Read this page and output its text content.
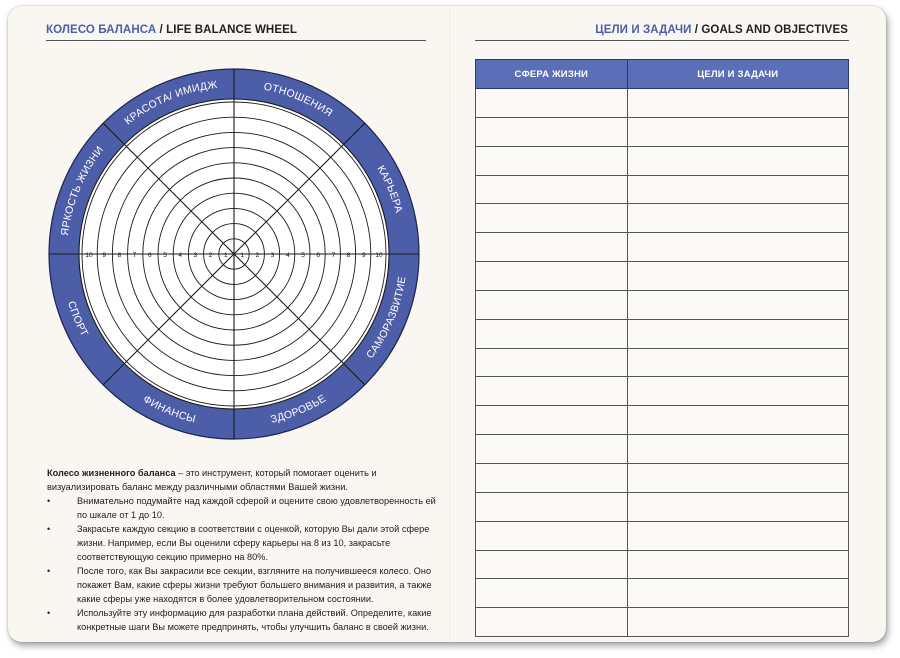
КОЛЕСО БАЛАНСА / LIFE BALANCE WHEEL	ЦЕЛИ И ЗАДАЧИ / GOALS AND OBJECTIVES
1
1	2
2	3
3	4
4	5
5	6
6	7
7	8
8	9
9	10
10
ОТНОШЕНИЯ
КАРЬЕРА
САМОРАЗВИТИЕ
ЗДОРОВЬЕ
ФИНАНСЫ
СПОРТ
ЯРКОСТЬ ЖИЗНИ
КРАСОТА/ ИМИДЖ

Колесо жизненного баланса – это инструмент, который помогает оценить и визуализировать баланс между различными областями Вашей жизни.

• Внимательно подумайте над каждой сферой и оцените свою удовлетворенность ей по шкале от 1 до 10.
• Закрасьте каждую секцию в соответствии с оценкой, которую Вы дали этой сфере жизни. Например, если Вы оценили сферу карьеры на 8 из 10, закрасьте соответствующую секцию примерно на 80%.
• После того, как Вы закрасили все секции, взгляните на получившееся колесо. Оно покажет Вам, какие сферы жизни требуют большего внимания и развития, а также какие сферы уже находятся в более удовлетворительном состоянии.
• Используйте эту информацию для разработки плана действий. Определите, какие конкретные шаги Вы можете предпринять, чтобы улучшить баланс в своей жизни.
СФЕРА ЖИЗНИ	ЦЕЛИ И ЗАДАЧИ
